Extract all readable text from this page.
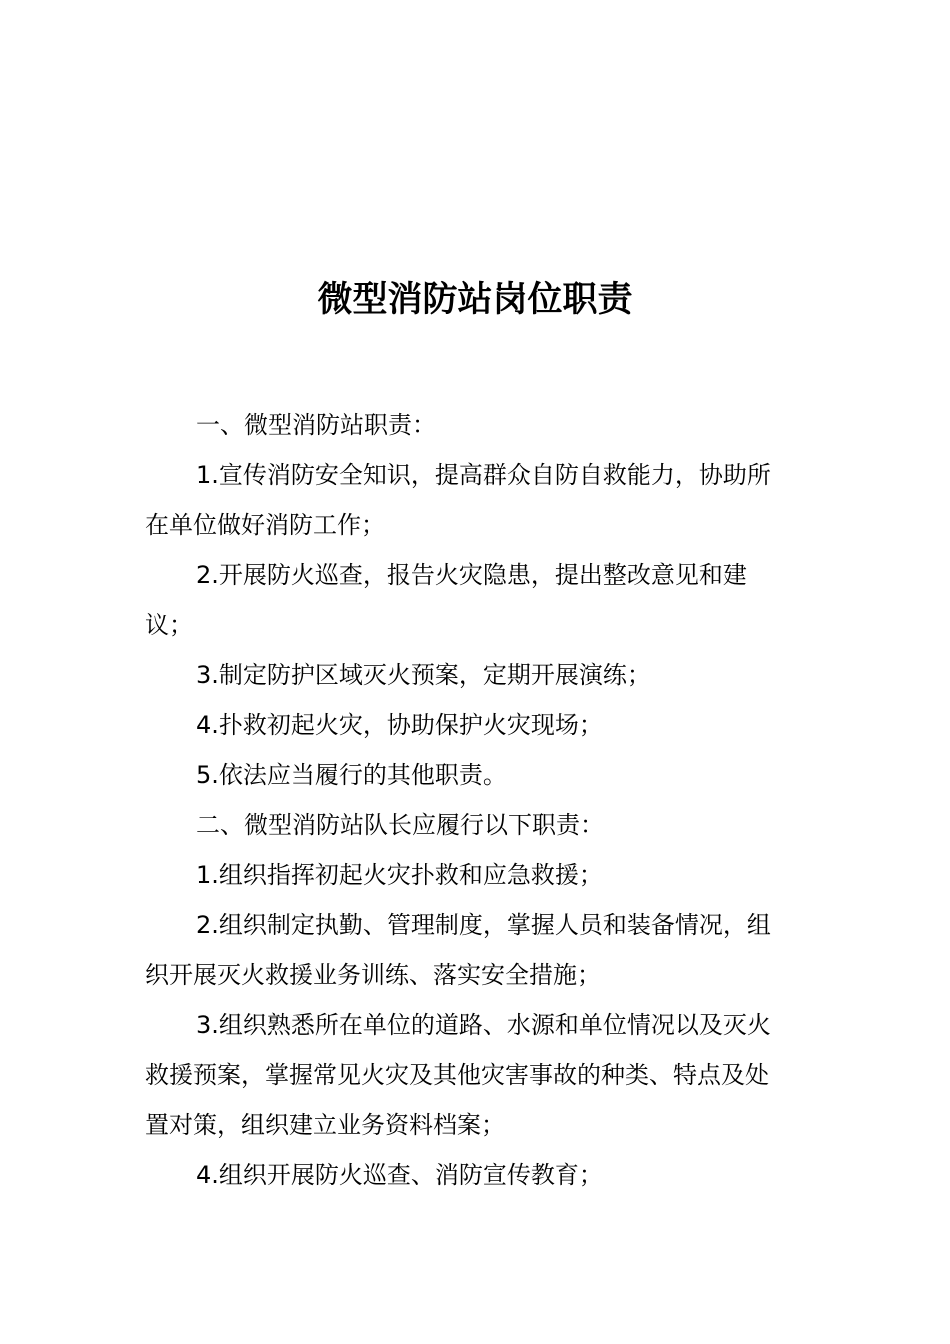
微型消防站岗位职责

一、微型消防站职责：

1.宣传消防安全知识，提高群众自防自救能力，协助所在单位做好消防工作；

2.开展防火巡查，报告火灾隐患，提出整改意见和建议；

3.制定防护区域灭火预案，定期开展演练；

4.扑救初起火灾，协助保护火灾现场；

5.依法应当履行的其他职责。

二、微型消防站队长应履行以下职责：

1.组织指挥初起火灾扑救和应急救援；

2.组织制定执勤、管理制度，掌握人员和装备情况，组织开展灭火救援业务训练、落实安全措施；

3.组织熟悉所在单位的道路、水源和单位情况以及灭火救援预案，掌握常见火灾及其他灾害事故的种类、特点及处置对策，组织建立业务资料档案；

4.组织开展防火巡查、消防宣传教育；
